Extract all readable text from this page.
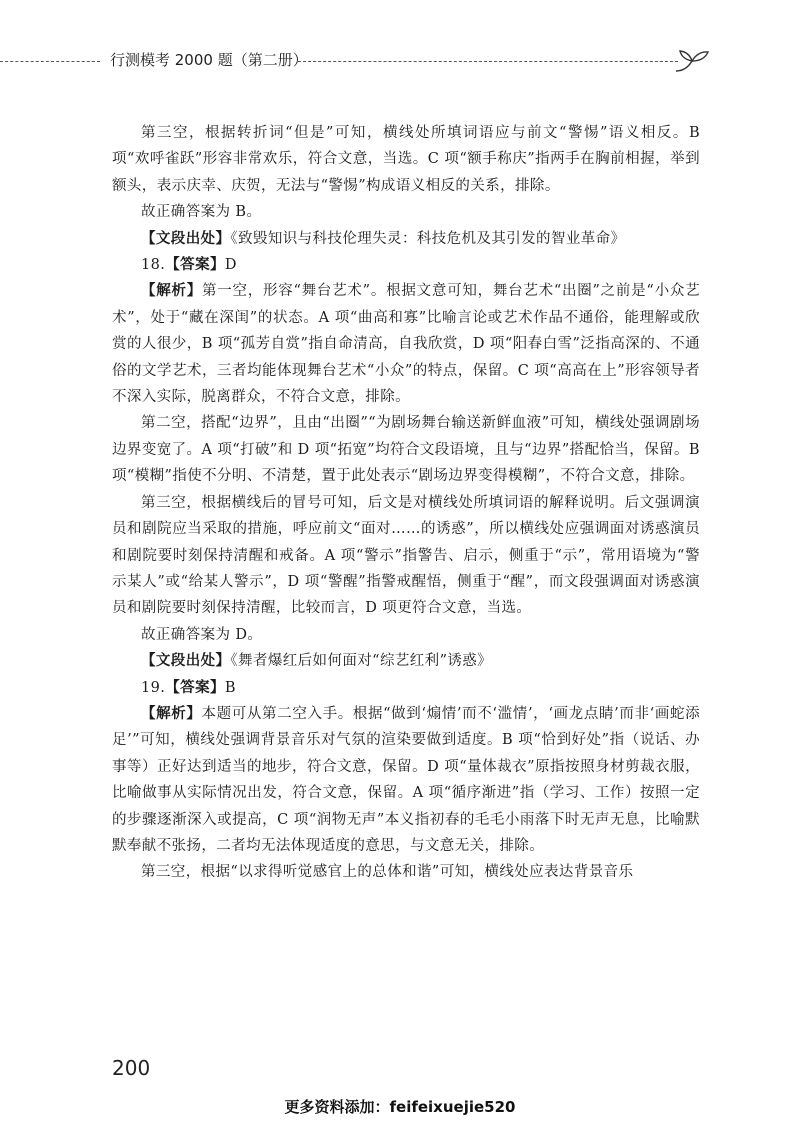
行测模考 2000 题（第二册）

第三空，根据转折词“但是”可知，横线处所填词语应与前文“警惕”语义相反。B 项“欢呼雀跃”形容非常欢乐，符合文意，当选。C 项“额手称庆”指两手在胸前相握，举到额头，表示庆幸、庆贺，无法与“警惕”构成语义相反的关系，排除。

故正确答案为 B。

【文段出处】《致毁知识与科技伦理失灵：科技危机及其引发的智业革命》

18.【答案】D

【解析】第一空，形容“舞台艺术”。根据文意可知，舞台艺术“出圈”之前是“小众艺术”，处于“藏在深闺”的状态。A 项“曲高和寡”比喻言论或艺术作品不通俗，能理解或欣赏的人很少，B 项“孤芳自赏”指自命清高，自我欣赏，D 项“阳春白雪”泛指高深的、不通俗的文学艺术，三者均能体现舞台艺术“小众”的特点，保留。C 项“高高在上”形容领导者不深入实际，脱离群众，不符合文意，排除。

第二空，搭配“边界”，且由“出圈”“为剧场舞台输送新鲜血液”可知，横线处强调剧场边界变宽了。A 项“打破”和 D 项“拓宽”均符合文段语境，且与“边界”搭配恰当，保留。B 项“模糊”指使不分明、不清楚，置于此处表示“剧场边界变得模糊”，不符合文意，排除。

第三空，根据横线后的冒号可知，后文是对横线处所填词语的解释说明。后文强调演员和剧院应当采取的措施，呼应前文“面对……的诱惑”，所以横线处应强调面对诱惑演员和剧院要时刻保持清醒和戒备。A 项“警示”指警告、启示，侧重于“示”，常用语境为“警示某人”或“给某人警示”，D 项“警醒”指警戒醒悟，侧重于“醒”，而文段强调面对诱惑演员和剧院要时刻保持清醒，比较而言，D 项更符合文意，当选。

故正确答案为 D。

【文段出处】《舞者爆红后如何面对“综艺红利”诱惑》

19.【答案】B

【解析】本题可从第二空入手。根据“做到‘煽情’而不‘滥情’，‘画龙点睛’而非‘画蛇添足’”可知，横线处强调背景音乐对气氛的渲染要做到适度。B 项“恰到好处”指（说话、办事等）正好达到适当的地步，符合文意，保留。D 项“量体裁衣”原指按照身材剪裁衣服，比喻做事从实际情况出发，符合文意，保留。A 项“循序渐进”指（学习、工作）按照一定的步骤逐渐深入或提高，C 项“润物无声”本义指初春的毛毛小雨落下时无声无息，比喻默默奉献不张扬，二者均无法体现适度的意思，与文意无关，排除。

第三空，根据“以求得听觉感官上的总体和谐”可知，横线处应表达背景音乐

200
更多资料添加：feifeixuejie520
